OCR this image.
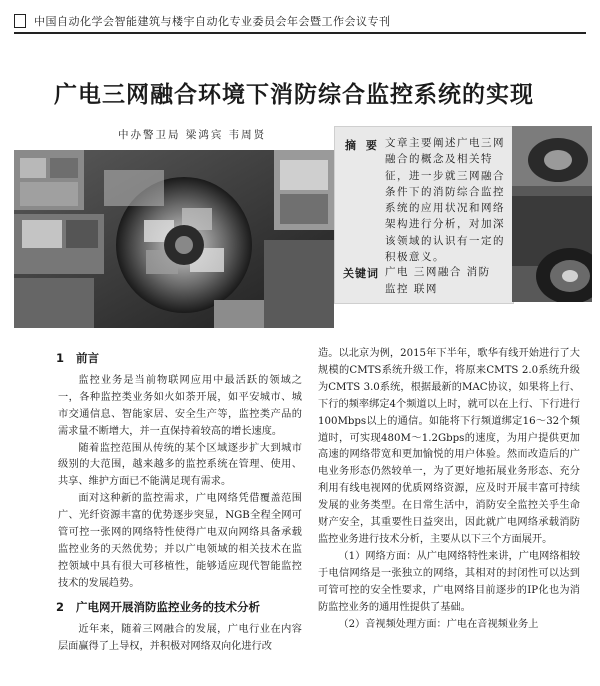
中国自动化学会智能建筑与楼宇自动化专业委员会年会暨工作会议专刊
广电三网融合环境下消防综合监控系统的实现
中办警卫局 梁鸿宾 韦周贤
摘 要 文章主要阐述广电三网融合的概念及相关特征，进一步就三网融合条件下的消防综合监控系统的应用状况和网络架构进行分析，对加深该领域的认识有一定的积极意义。
关键词 广电 三网融合 消防监控 联网
1 前言

监控业务是当前物联网应用中最活跃的领域之一，各种监控类业务如火如荼开展，如平安城市、城市交通信息、智能家居、安全生产等，监控类产品的需求量不断增大，并一直保持着较高的增长速度。

随着监控范围从传统的某个区域逐步扩大到城市级别的大范围，越来越多的监控系统在管理、使用、共享、维护方面已不能满足现有需求。

面对这种新的监控需求，广电网络凭借覆盖范围广、光纤资源丰富的优势逐步突显，NGB全程全网可管可控一张网的网络特性使得广电双向网络具备承载监控业务的天然优势；并以广电领域的相关技术在监控领域中具有很大可移植性，能够适应现代智能监控技术的发展趋势。

2 广电网开展消防监控业务的技术分析

近年来，随着三网融合的发展，广电行业在内容层面赢得了上导权，并积极对网络双向化进行改

造。以北京为例，2015年下半年，歌华有线开始进行了大规模的CMTS系统升级工作，将原来CMTS 2.0系统升级为CMTS 3.0系统，根据最新的MAC协议，如果将上行、下行的频率绑定4个频道以上时，就可以在上行、下行进行100Mbps以上的通信。如能将下行频道绑定16～32个频道时，可实现480M～1.2Gbps的速度，为用户提供更加高速的网络带宽和更加愉悦的用户体验。然而改造后的广电业务形态仍然较单一，为了更好地拓展业务形态、充分利用有线电视网的优质网络资源，应及时开展丰富可持续发展的业务类型。在日常生活中，消防安全监控关乎生命财产安全，其重要性日益突出，因此就广电网络承载消防监控业务进行技术分析，主要从以下三个方面展开。

（1）网络方面：从广电网络特性来讲，广电网络相较于电信网络是一张独立的网络，其相对的封闭性可以达到可管可控的安全性要求，广电网络目前逐步的IP化也为消防监控业务的通用性提供了基础。

（2）音视频处理方面：广电在音视频业务上
